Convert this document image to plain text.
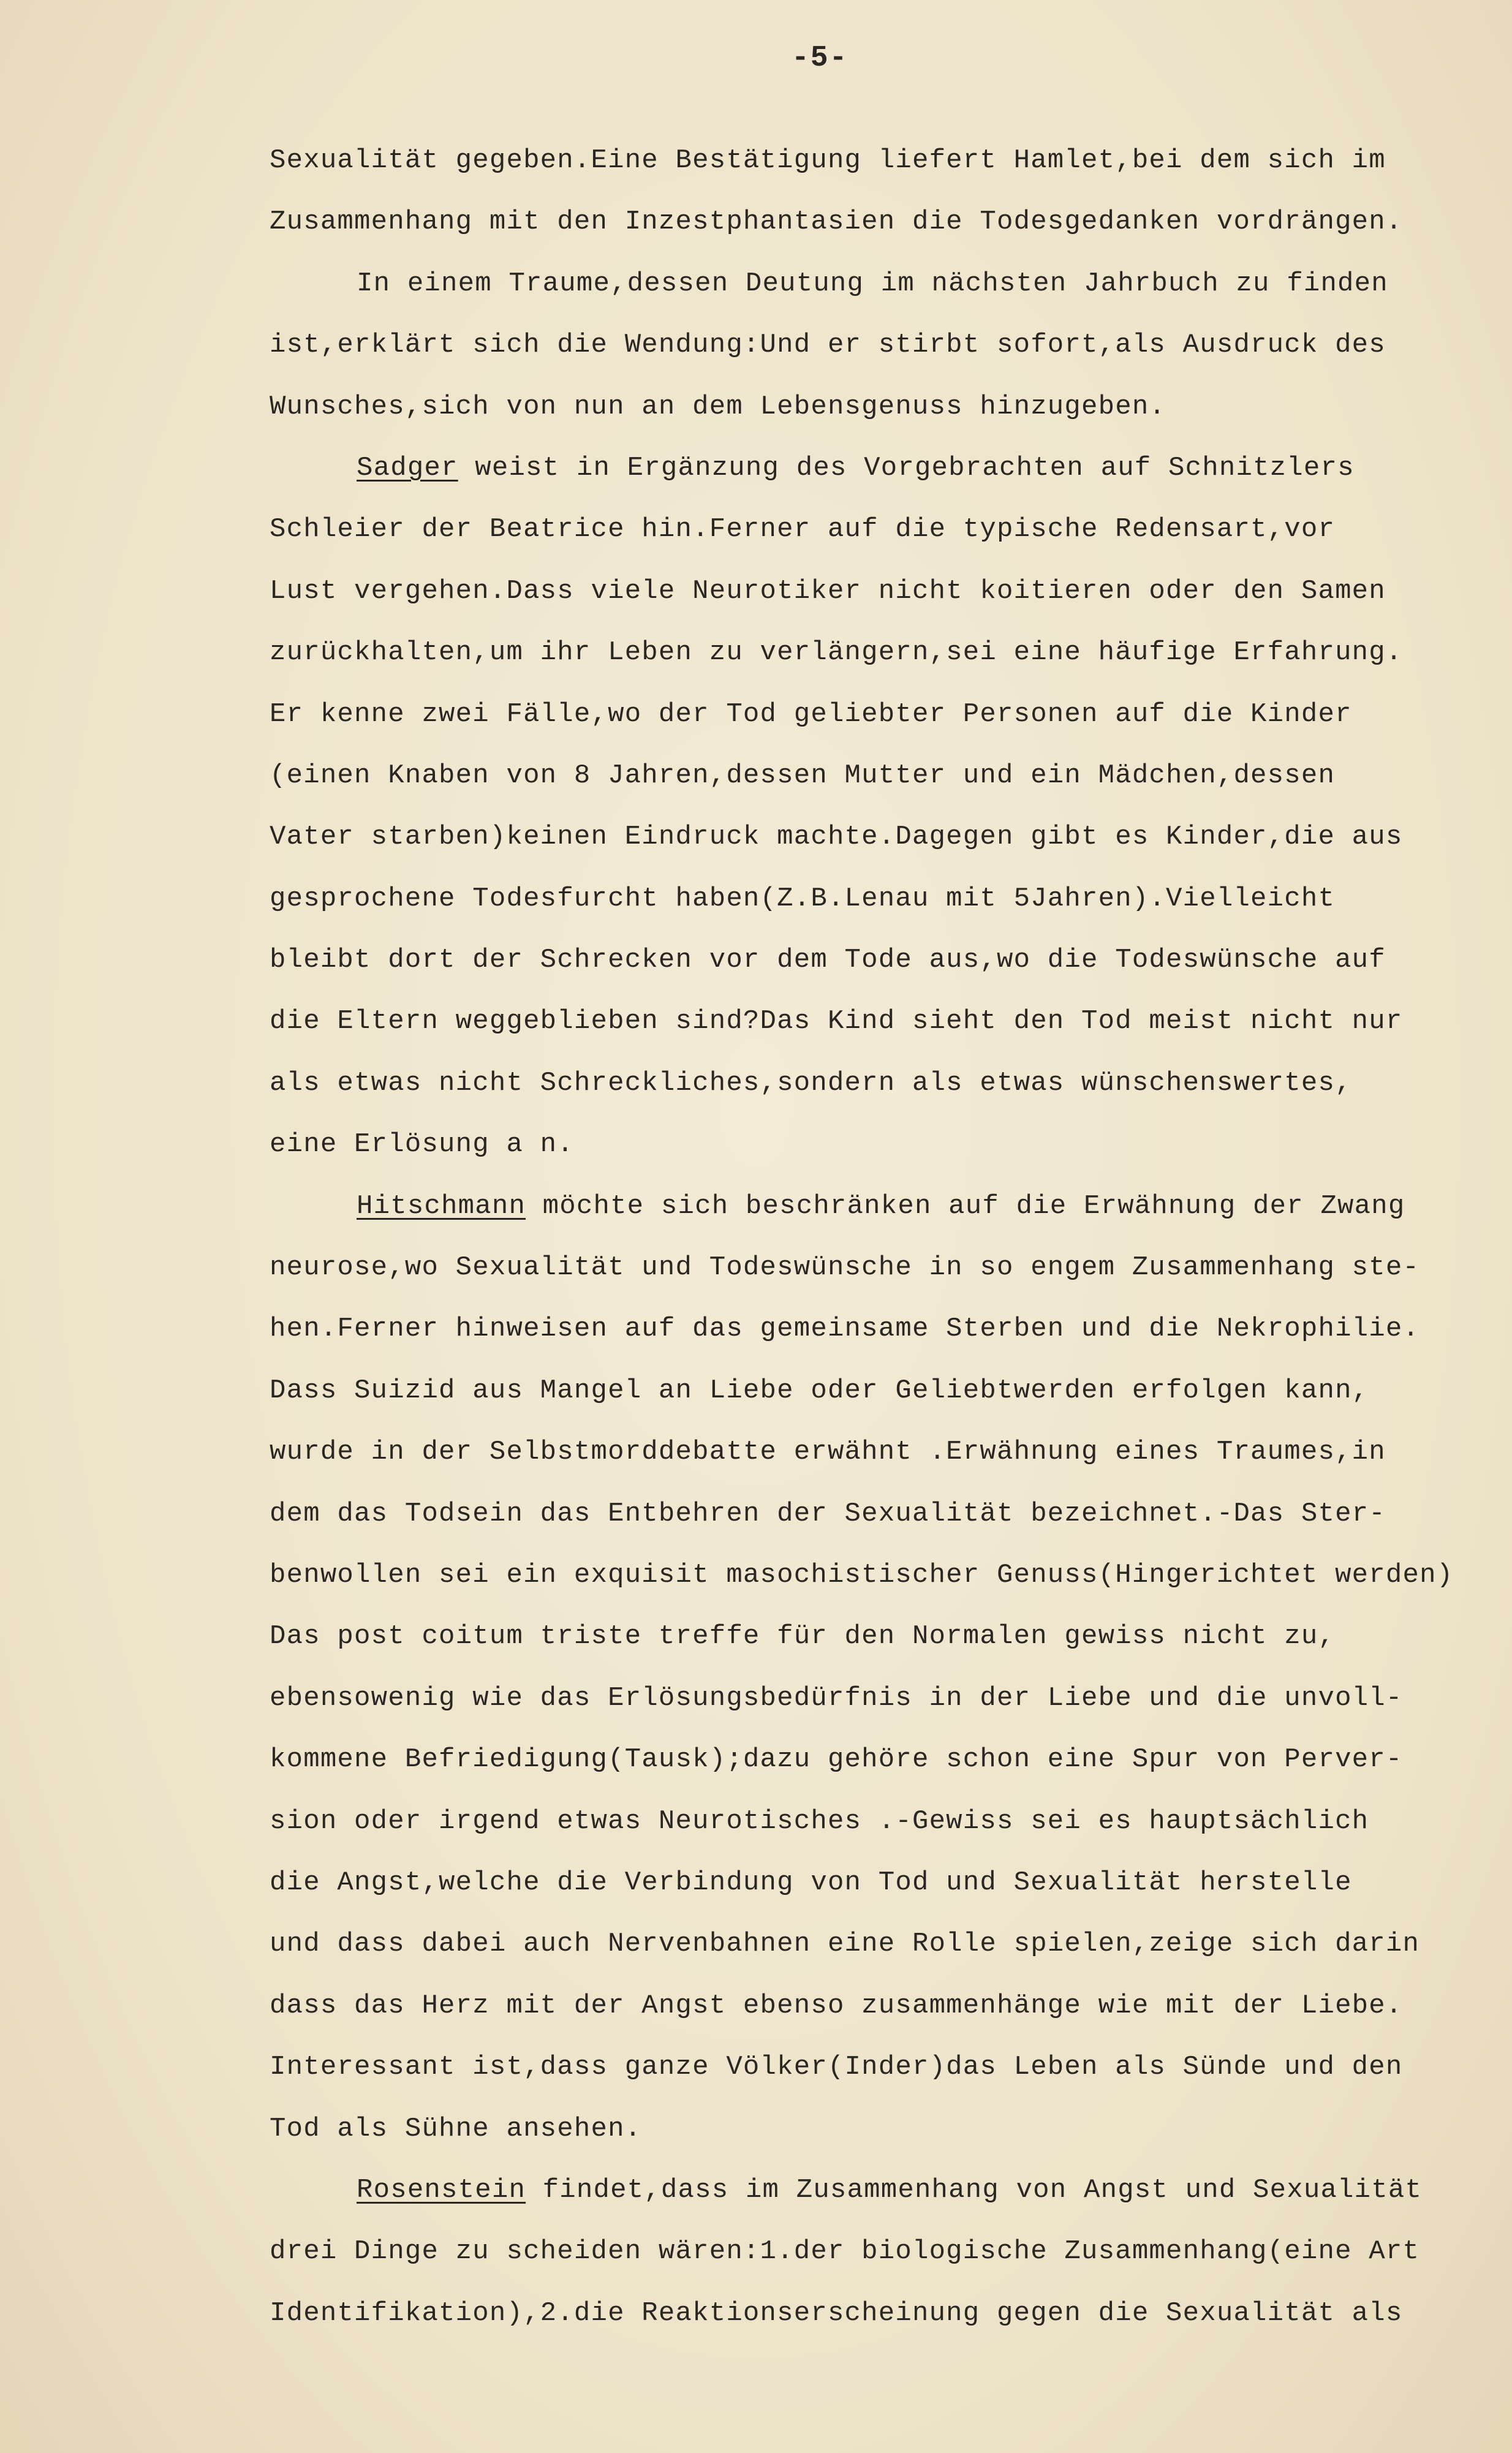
-5-
Sexualität gegeben.Eine Bestätigung liefert Hamlet,bei dem sich im
Zusammenhang mit den Inzestphantasien die Todesgedanken vordrängen.
In einem Traume,dessen Deutung im nächsten Jahrbuch zu finden
ist,erklärt sich die Wendung:Und er stirbt sofort,als Ausdruck des
Wunsches,sich von nun an dem Lebensgenuss hinzugeben.
Sadger weist in Ergänzung des Vorgebrachten auf Schnitzlers
Schleier der Beatrice hin.Ferner auf die typische Redensart,vor
Lust vergehen.Dass viele Neurotiker nicht koitieren oder den Samen
zurückhalten,um ihr Leben zu verlängern,sei eine häufige Erfahrung.
Er kenne zwei Fälle,wo der Tod geliebter Personen auf die Kinder
(einen Knaben von 8 Jahren,dessen Mutter und ein Mädchen,dessen
Vater starben)keinen Eindruck machte.Dagegen gibt es Kinder,die aus
gesprochene Todesfurcht haben(Z.B.Lenau mit 5Jahren).Vielleicht
bleibt dort der Schrecken vor dem Tode aus,wo die Todeswünsche auf
die Eltern weggeblieben sind?Das Kind sieht den Tod meist nicht nur
als etwas nicht Schreckliches,sondern als etwas wünschenswertes,
eine Erlösung a n.
Hitschmann möchte sich beschränken auf die Erwähnung der Zwang
neurose,wo Sexualität und Todeswünsche in so engem Zusammenhang ste-
hen.Ferner hinweisen auf das gemeinsame Sterben und die Nekrophilie.
Dass Suizid aus Mangel an Liebe oder Geliebtwerden erfolgen kann,
wurde in der Selbstmorddebatte erwähnt .Erwähnung eines Traumes,in
dem das Todsein das Entbehren der Sexualität bezeichnet.-Das Ster-
benwollen sei ein exquisit masochistischer Genuss(Hingerichtet werden)
Das post coitum triste treffe für den Normalen gewiss nicht zu,
ebensowenig wie das Erlösungsbedürfnis in der Liebe und die unvoll-
kommene Befriedigung(Tausk);dazu gehöre schon eine Spur von Perver-
sion oder irgend etwas Neurotisches .-Gewiss sei es hauptsächlich
die Angst,welche die Verbindung von Tod und Sexualität herstelle
und dass dabei auch Nervenbahnen eine Rolle spielen,zeige sich darin
dass das Herz mit der Angst ebenso zusammenhänge wie mit der Liebe.
Interessant ist,dass ganze Völker(Inder)das Leben als Sünde und den
Tod als Sühne ansehen.
Rosenstein findet,dass im Zusammenhang von Angst und Sexualität
drei Dinge zu scheiden wären:1.der biologische Zusammenhang(eine Art
Identifikation),2.die Reaktionserscheinung gegen die Sexualität als
